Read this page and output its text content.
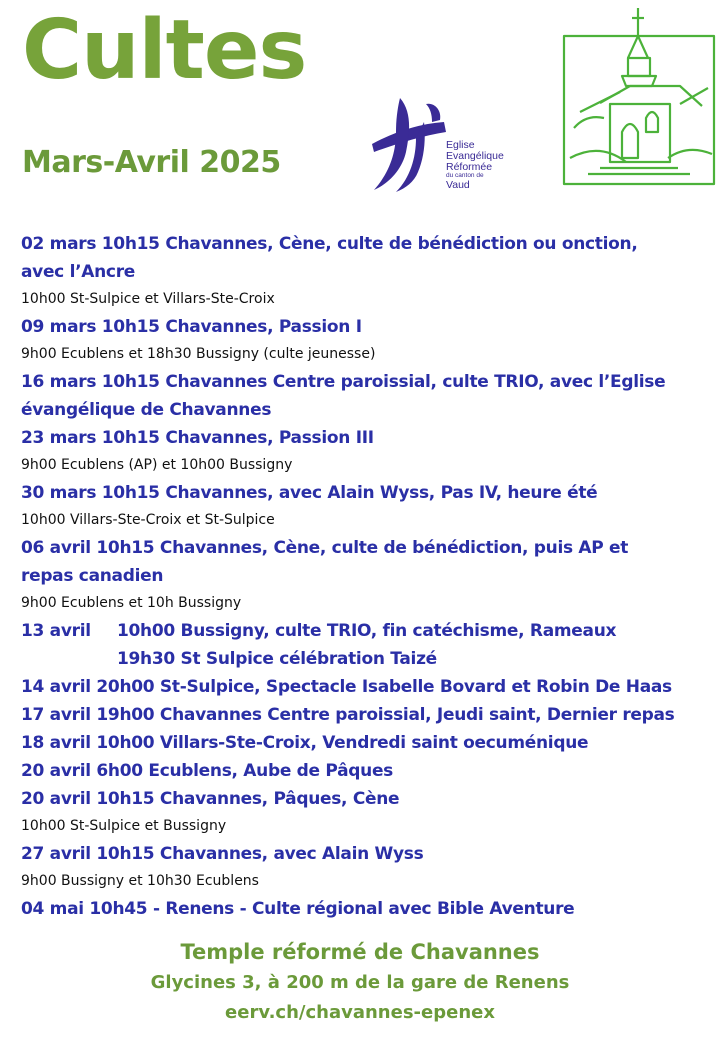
Cultes
Mars-Avril 2025	Eglise
Evangélique
Réformée
du canton de
Vaud
02 mars 10h15 Chavannes, Cène, culte de bénédiction ou onction,
avec l’Ancre
10h00 St-Sulpice et Villars-Ste-Croix
09 mars 10h15 Chavannes, Passion I
9h00 Ecublens et 18h30 Bussigny (culte jeunesse)
16 mars 10h15 Chavannes Centre paroissial, culte TRIO, avec l’Eglise
évangélique de Chavannes
23 mars 10h15 Chavannes, Passion III
9h00 Ecublens (AP) et 10h00 Bussigny
30 mars 10h15 Chavannes, avec Alain Wyss, Pas IV, heure été
10h00 Villars-Ste-Croix et St-Sulpice
06 avril 10h15 Chavannes, Cène, culte de bénédiction, puis AP et
repas canadien
9h00 Ecublens et 10h Bussigny
13 avril 10h00 Bussigny, culte TRIO, fin catéchisme, Rameaux
19h30 St Sulpice célébration Taizé
14 avril 20h00 St-Sulpice, Spectacle Isabelle Bovard et Robin De Haas
17 avril 19h00 Chavannes Centre paroissial, Jeudi saint, Dernier repas
18 avril 10h00 Villars-Ste-Croix, Vendredi saint oecuménique
20 avril 6h00 Ecublens, Aube de Pâques
20 avril 10h15 Chavannes, Pâques, Cène
10h00 St-Sulpice et Bussigny
27 avril 10h15 Chavannes, avec Alain Wyss
9h00 Bussigny et 10h30 Ecublens
04 mai 10h45 - Renens - Culte régional avec Bible Aventure
Temple réformé de Chavannes
Glycines 3, à 200 m de la gare de Renens
eerv.ch/chavannes-epenex
